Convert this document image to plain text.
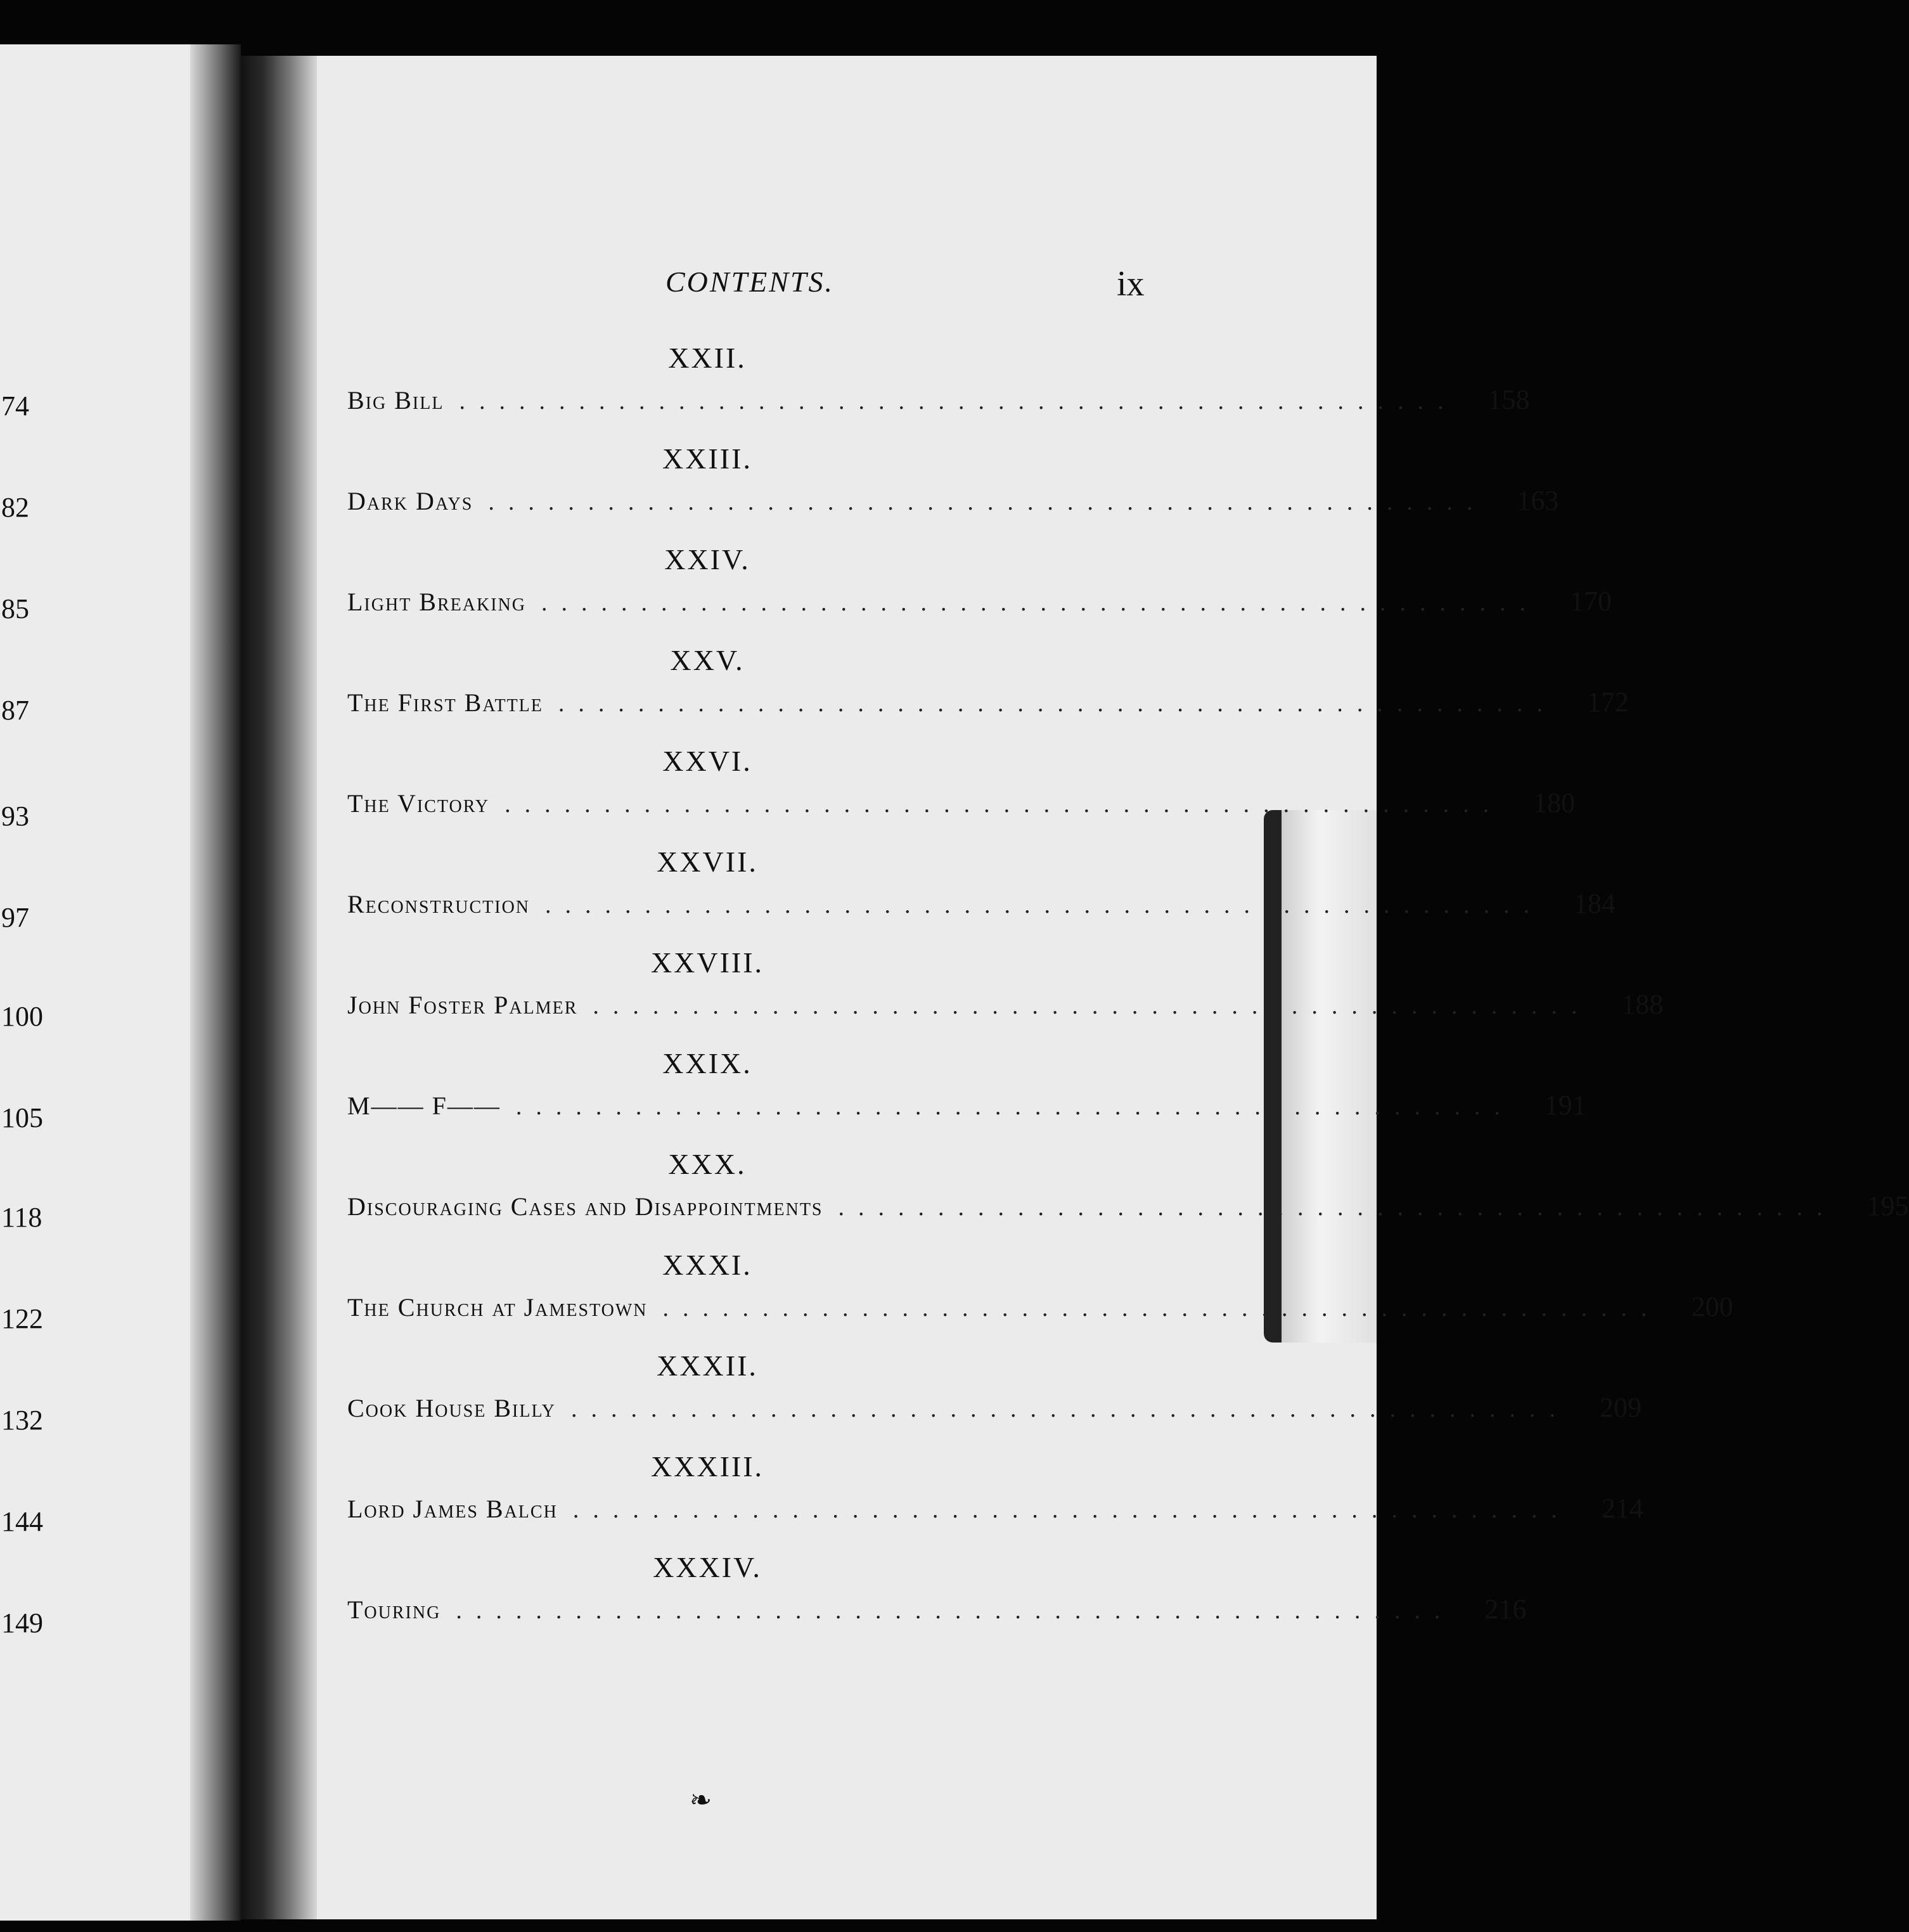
74
82
85
87
93
97
100
105
118
122
132
144
149
CONTENTS.	ix
XXII.
Big Bill ..................................................	158
XXIII.
Dark Days ..................................................	163
XXIV.
Light Breaking ..................................................	170
XXV.
The First Battle ..................................................	172
XXVI.
The Victory ..................................................	180
XXVII.
Reconstruction ..................................................	184
XXVIII.
John Foster Palmer ..................................................	188
XXIX.
M—— F—— ..................................................	191
XXX.
Discouraging Cases and Disappointments ..................................................	195
XXXI.
The Church at Jamestown ..................................................	200
XXXII.
Cook House Billy ..................................................	209
XXXIII.
Lord James Balch ..................................................	214
XXXIV.
Touring ..................................................	216
❧
